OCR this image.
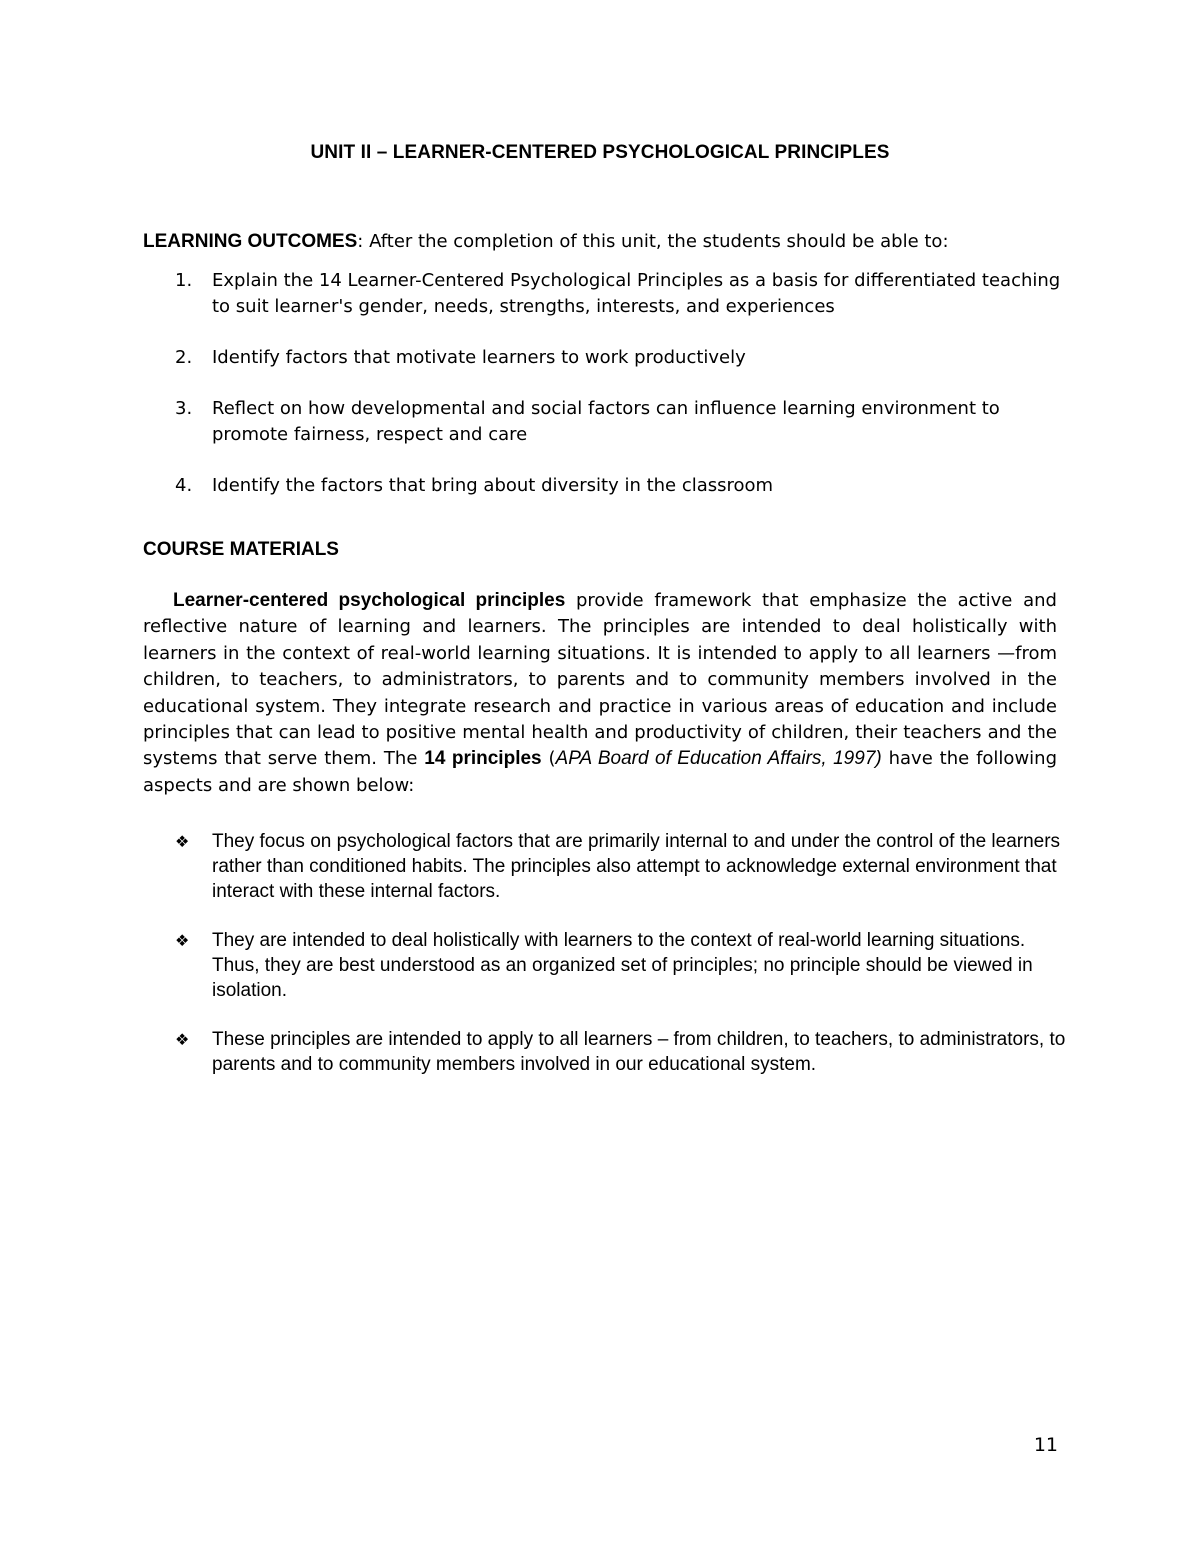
UNIT II – LEARNER-CENTERED PSYCHOLOGICAL PRINCIPLES
LEARNING OUTCOMES: After the completion of this unit, the students should be able to:
1. Explain the 14 Learner-Centered Psychological Principles as a basis for differentiated teaching to suit learner's gender, needs, strengths, interests, and experiences
2. Identify factors that motivate learners to work productively
3. Reflect on how developmental and social factors can influence learning environment to promote fairness, respect and care
4. Identify the factors that bring about diversity in the classroom
COURSE MATERIALS

Learner-centered psychological principles provide framework that emphasize the active and reflective nature of learning and learners. The principles are intended to deal holistically with learners in the context of real-world learning situations. It is intended to apply to all learners —from children, to teachers, to administrators, to parents and to community members involved in the educational system. They integrate research and practice in various areas of education and include principles that can lead to positive mental health and productivity of children, their teachers and the systems that serve them. The 14 principles (APA Board of Education Affairs, 1997) have the following aspects and are shown below:

❖ They focus on psychological factors that are primarily internal to and under the control of the learners rather than conditioned habits. The principles also attempt to acknowledge external environment that interact with these internal factors.
❖ They are intended to deal holistically with learners to the context of real-world learning situations. Thus, they are best understood as an organized set of principles; no principle should be viewed in isolation.
❖ These principles are intended to apply to all learners – from children, to teachers, to administrators, to parents and to community members involved in our educational system.
11
